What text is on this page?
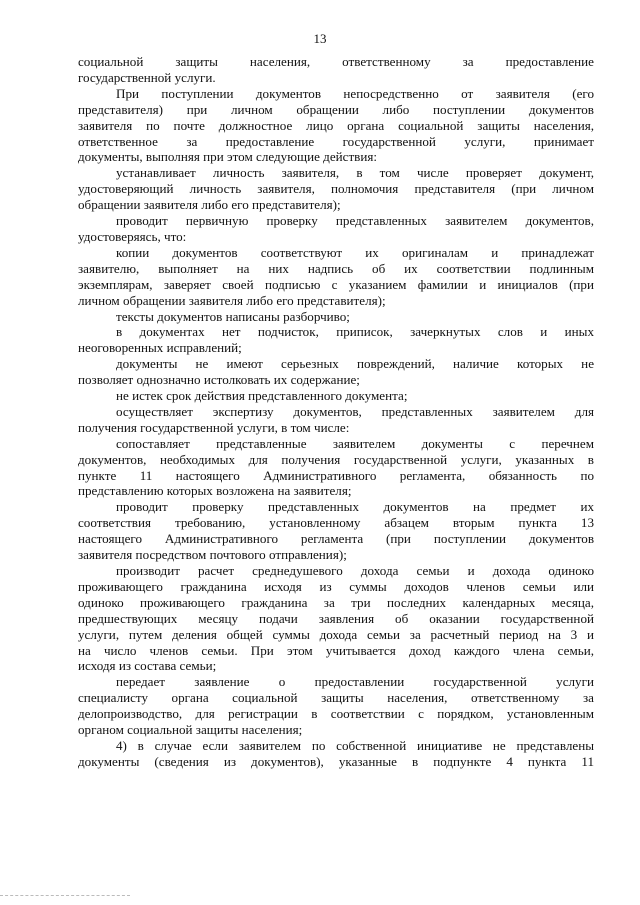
13

социальной защиты населения, ответственному за предоставление

государственной услуги.

При поступлении документов непосредственно от заявителя (его

представителя) при личном обращении либо поступлении документов

заявителя по почте должностное лицо органа социальной защиты населения,

ответственное за предоставление государственной услуги, принимает

документы, выполняя при этом следующие действия:

устанавливает личность заявителя, в том числе проверяет документ,

удостоверяющий личность заявителя, полномочия представителя (при личном

обращении заявителя либо его представителя);

проводит первичную проверку представленных заявителем документов,

удостоверяясь, что:

копии документов соответствуют их оригиналам и принадлежат

заявителю, выполняет на них надпись об их соответствии подлинным

экземплярам, заверяет своей подписью с указанием фамилии и инициалов (при

личном обращении заявителя либо его представителя);

тексты документов написаны разборчиво;

в документах нет подчисток, приписок, зачеркнутых слов и иных

неоговоренных исправлений;

документы не имеют серьезных повреждений, наличие которых не

позволяет однозначно истолковать их содержание;

не истек срок действия представленного документа;

осуществляет экспертизу документов, представленных заявителем для

получения государственной услуги, в том числе:

сопоставляет представленные заявителем документы с перечнем

документов, необходимых для получения государственной услуги, указанных в

пункте 11 настоящего Административного регламента, обязанность по

представлению которых возложена на заявителя;

проводит проверку представленных документов на предмет их

соответствия требованию, установленному абзацем вторым пункта 13

настоящего Административного регламента (при поступлении документов

заявителя посредством почтового отправления);

производит расчет среднедушевого дохода семьи и дохода одиноко

проживающего гражданина исходя из суммы доходов членов семьи или

одиноко проживающего гражданина за три последних календарных месяца,

предшествующих месяцу подачи заявления об оказании государственной

услуги, путем деления общей суммы дохода семьи за расчетный период на 3 и

на число членов семьи. При этом учитывается доход каждого члена семьи,

исходя из состава семьи;

передает заявление о предоставлении государственной услуги

специалисту органа социальной защиты населения, ответственному за

делопроизводство, для регистрации в соответствии с порядком, установленным

органом социальной защиты населения;

4) в случае если заявителем по собственной инициативе не представлены

документы (сведения из документов), указанные в подпункте 4 пункта 11
